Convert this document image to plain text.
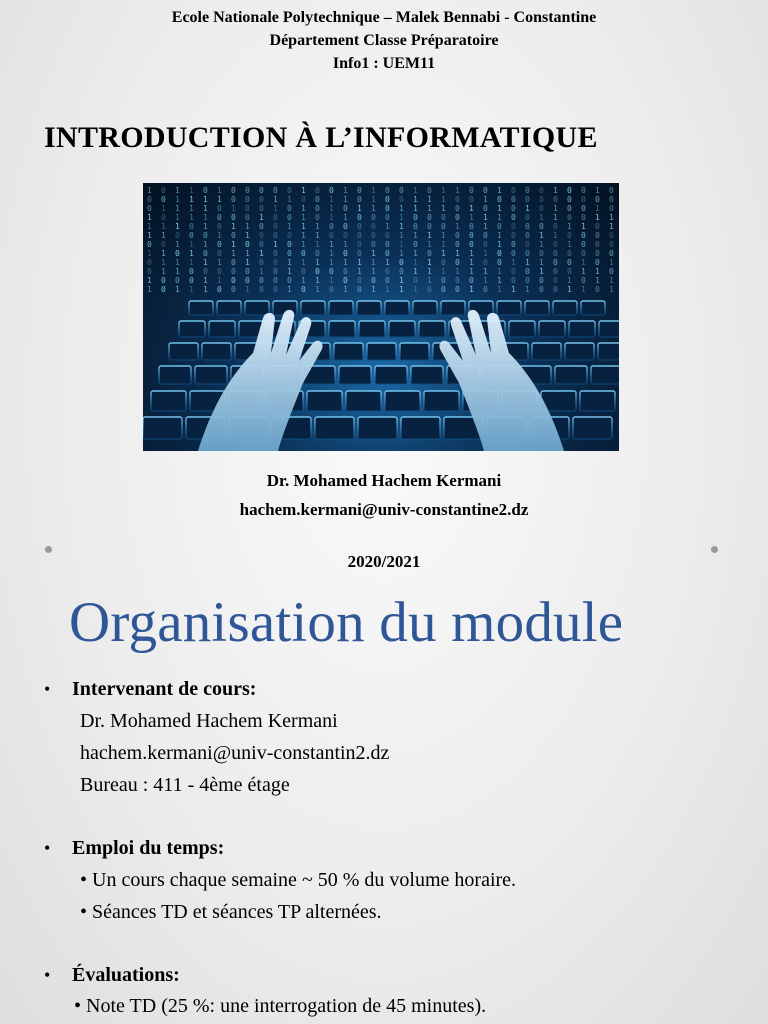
Ecole Nationale Polytechnique – Malek Bennabi - Constantine
Département Classe Préparatoire
Info1 : UEM11
INTRODUCTION À L’INFORMATIQUE
1 0 1 1 0 1 0 0 0 0 0 1 0 0 1 0 1 0 0 1 0 1 1 0 0 1 0 0 0 1 0 0 1 0
0 0 1 1 1 1 0 0 0 1 1 0 0 1 1 0 1 0 0 1 1 1 0 0 1 0 0 0 0 0 0 0 0 0
0 1 1 1 1 0 1 0 0 1 0 1 0 1 0 1 1 0 1 1 1 1 0 1 0 1 0 1 0 1 0 0 1 0
1 0 1 1 1 0 0 0 1 0 0 1 0 1 1 0 0 0 1 0 0 0 0 1 1 1 0 0 1 1 0 0 1 1
1 1 1 0 1 0 1 1 0 0 1 1 1 0 0 0 0 1 1 0 0 0 1 0 1 0 0 0 0 0 1 1 0 1
1 1 0 0 0 1 0 1 0 0 0 1 1 0 0 0 0 0 1 1 1 1 0 0 0 1 0 0 1 1 0 0 0 0
0 0 1 1 1 0 1 0 0 1 0 1 1 1 1 0 0 0 1 0 1 1 0 0 0 1 0 0 1 0 1 0 0 0
1 1 0 1 0 0 1 1 1 0 0 0 0 1 0 0 1 0 1 1 0 1 1 1 1 0 0 0 0 0 0 0 0 0
0 1 1 1 1 1 0 1 0 0 1 1 1 1 1 1 1 1 0 1 1 0 0 1 0 0 1 1 1 0 0 1 0 1
0 1 1 0 0 0 0 0 1 0 1 0 0 0 0 1 1 0 0 1 1 1 1 1 1 1 0 0 1 0 0 1 1 0
1 0 0 0 1 1 0 0 0 0 0 1 1 1 0 0 0 0 1 0 1 0 0 0 1 1 0 0 0 0 1 0 1 1
1 0 1 1 1 0 0 1 0 0 1 0 1 0 1 0 1 1 1 1 0 0 0 1 0 1 1 1 0 0 1 1 0 1
Dr. Mohamed Hachem Kermani
hachem.kermani@univ-constantine2.dz
2020/2021
Organisation du module
• Intervenant de cours:
Dr. Mohamed Hachem Kermani
hachem.kermani@univ-constantin2.dz
Bureau : 411 - 4ème étage
• Emploi du temps:
• Un cours chaque semaine ~ 50 % du volume horaire.
• Séances TD et séances TP alternées.
• Évaluations:
• Note TD (25 %: une interrogation de 45 minutes).
